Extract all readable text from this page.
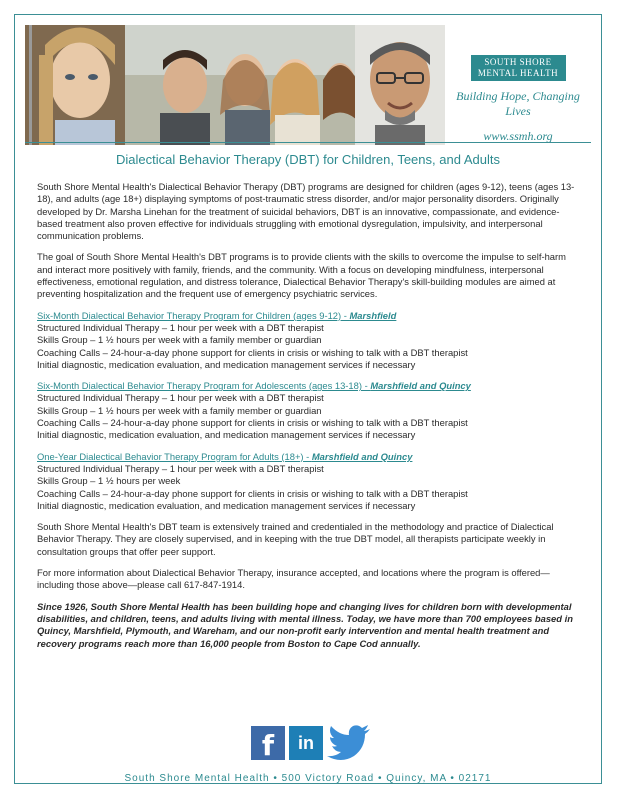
SOUTH SHORE
MENTAL HEALTH
Building Hope, Changing Lives
www.ssmh.org
Dialectical Behavior Therapy (DBT) for Children, Teens, and Adults

South Shore Mental Health's Dialectical Behavior Therapy (DBT) programs are designed for children (ages 9-12), teens (ages 13-18), and adults (age 18+) displaying symptoms of post-traumatic stress disorder, and/or major personality disorders. Originally developed by Dr. Marsha Linehan for the treatment of suicidal behaviors, DBT is an innovative, compassionate, and evidence-based treatment also proven effective for individuals struggling with emotional dysregulation, impulsivity, and interpersonal communication problems.

The goal of South Shore Mental Health's DBT programs is to provide clients with the skills to overcome the impulse to self-harm and interact more positively with family, friends, and the community. With a focus on developing mindfulness, interpersonal effectiveness, emotional regulation, and distress tolerance, Dialectical Behavior Therapy's skill-building modules are aimed at preventing hospitalization and the frequent use of emergency psychiatric services.

Six-Month Dialectical Behavior Therapy Program for Children (ages 9-12) - Marshfield
Structured Individual Therapy – 1 hour per week with a DBT therapist
Skills Group – 1 ½ hours per week with a family member or guardian
Coaching Calls – 24-hour-a-day phone support for clients in crisis or wishing to talk with a DBT therapist
Initial diagnostic, medication evaluation, and medication management services if necessary
Six-Month Dialectical Behavior Therapy Program for Adolescents (ages 13-18) - Marshfield and Quincy
Structured Individual Therapy – 1 hour per week with a DBT therapist
Skills Group – 1 ½ hours per week with a family member or guardian
Coaching Calls – 24-hour-a-day phone support for clients in crisis or wishing to talk with a DBT therapist
Initial diagnostic, medication evaluation, and medication management services if necessary
One-Year Dialectical Behavior Therapy Program for Adults (18+) - Marshfield and Quincy
Structured Individual Therapy – 1 hour per week with a DBT therapist
Skills Group – 1 ½ hours per week
Coaching Calls – 24-hour-a-day phone support for clients in crisis or wishing to talk with a DBT therapist
Initial diagnostic, medication evaluation, and medication management services if necessary

South Shore Mental Health's DBT team is extensively trained and credentialed in the methodology and practice of Dialectical Behavior Therapy. They are closely supervised, and in keeping with the true DBT model, all therapists participate weekly in consultation groups that offer peer support.

For more information about Dialectical Behavior Therapy, insurance accepted, and locations where the program is offered—including those above—please call 617-847-1914.

Since 1926, South Shore Mental Health has been building hope and changing lives for children born with developmental disabilities, and children, teens, and adults living with mental illness. Today, we have more than 700 employees based in Quincy, Marshfield, Plymouth, and Wareham, and our non-profit early intervention and mental health treatment and recovery programs reach more than 16,000 people from Boston to Cape Cod annually.

f	in
South Shore Mental Health • 500 Victory Road • Quincy, MA • 02171
